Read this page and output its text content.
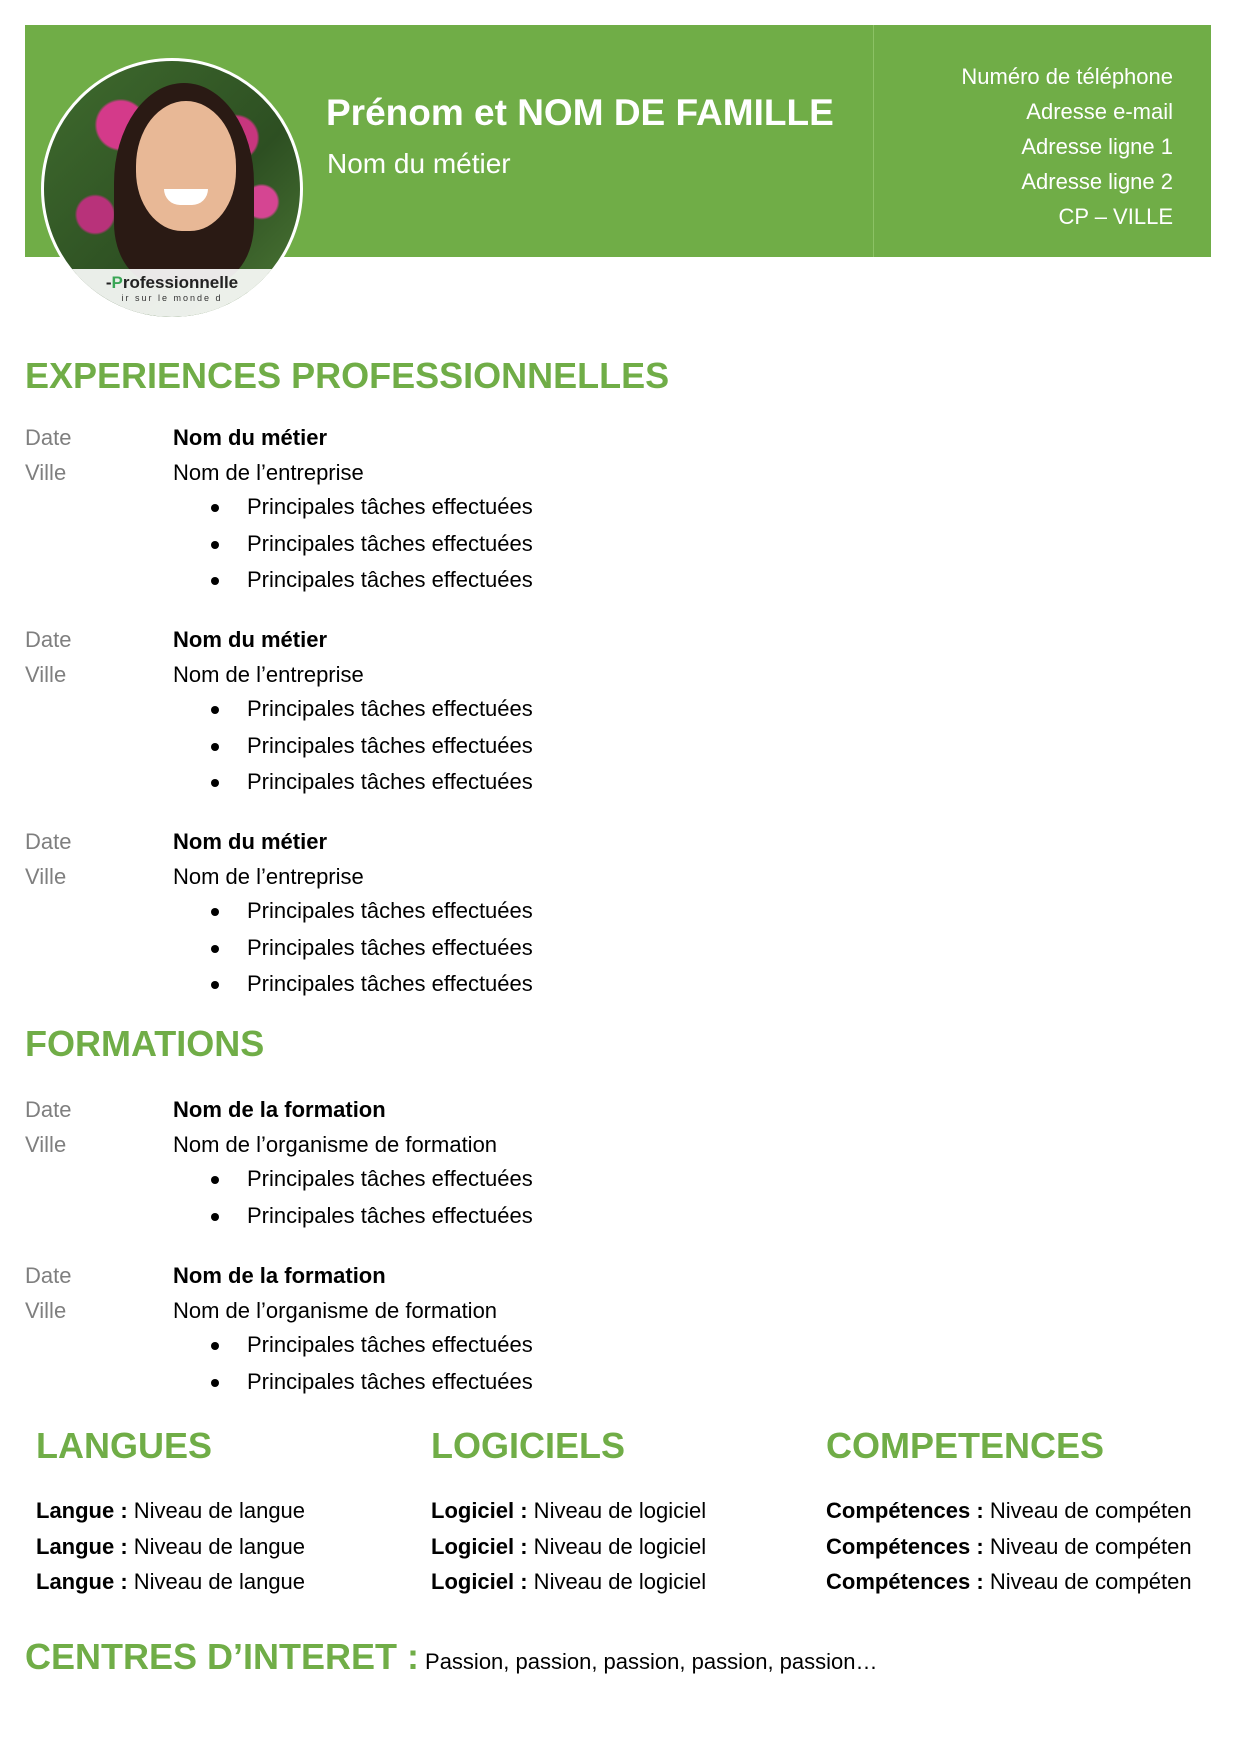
-Professionnelle
ir sur le monde d
Prénom et NOM DE FAMILLE
Nom du métier
Numéro de téléphone
Adresse e-mail
Adresse ligne 1
Adresse ligne 2
CP – VILLE
EXPERIENCES PROFESSIONNELLES
Date
Ville
Nom du métier
Nom de l’entreprise
Principales tâches effectuées
Principales tâches effectuées
Principales tâches effectuées
Date
Ville
Nom du métier
Nom de l’entreprise
Principales tâches effectuées
Principales tâches effectuées
Principales tâches effectuées
Date
Ville
Nom du métier
Nom de l’entreprise
Principales tâches effectuées
Principales tâches effectuées
Principales tâches effectuées
FORMATIONS
Date
Ville
Nom de la formation
Nom de l’organisme de formation
Principales tâches effectuées
Principales tâches effectuées
Date
Ville
Nom de la formation
Nom de l’organisme de formation
Principales tâches effectuées
Principales tâches effectuées
LANGUES
Langue : Niveau de langue
Langue : Niveau de langue
Langue : Niveau de langue
LOGICIELS
Logiciel : Niveau de logiciel
Logiciel : Niveau de logiciel
Logiciel : Niveau de logiciel
COMPETENCES
Compétences : Niveau de compéten
Compétences : Niveau de compéten
Compétences : Niveau de compéten
CENTRES D’INTERET : Passion, passion, passion, passion, passion…
